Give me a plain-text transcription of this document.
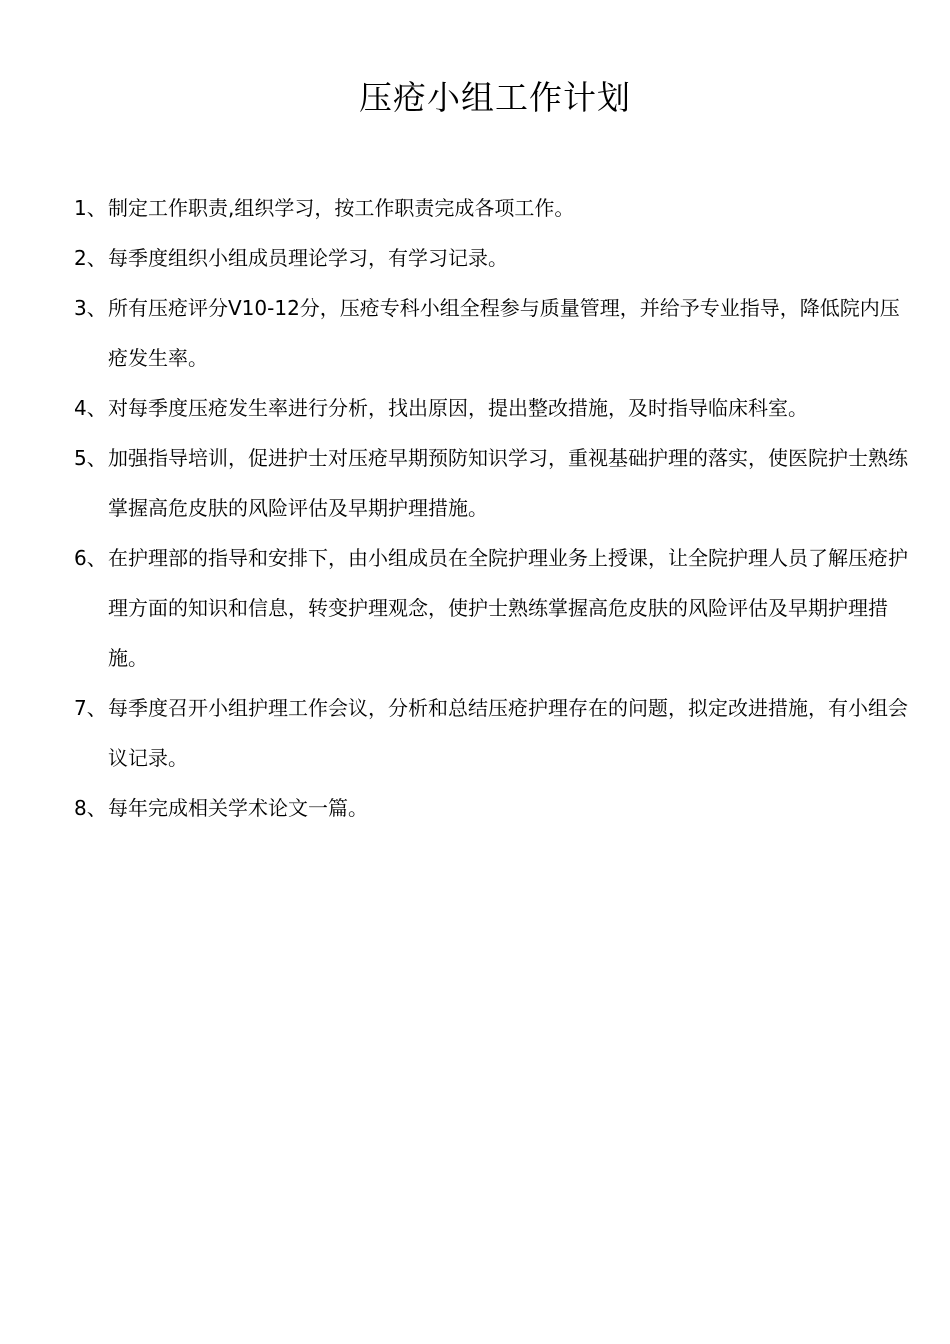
压疮小组工作计划
1、 制定工作职责,组织学习，按工作职责完成各项工作。
2、 每季度组织小组成员理论学习，有学习记录。
3、 所有压疮评分V10-12分，压疮专科小组全程参与质量管理，并给予专业指导，降低院内压疮发生率。
4、 对每季度压疮发生率进行分析，找出原因，提出整改措施，及时指导临床科室。
5、 加强指导培训，促进护士对压疮早期预防知识学习，重视基础护理的落实，使医院护士熟练掌握高危皮肤的风险评估及早期护理措施。
6、 在护理部的指导和安排下，由小组成员在全院护理业务上授课，让全院护理人员了解压疮护理方面的知识和信息，转变护理观念，使护士熟练掌握高危皮肤的风险评估及早期护理措施。
7、 每季度召开小组护理工作会议，分析和总结压疮护理存在的问题，拟定改进措施，有小组会议记录。
8、 每年完成相关学术论文一篇。
